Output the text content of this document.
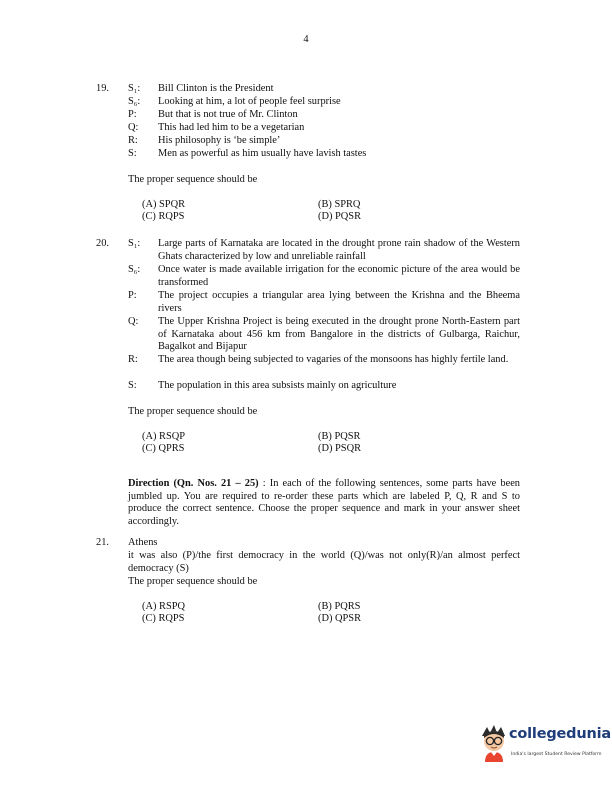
4
19. S₁: Bill Clinton is the President
S₆: Looking at him, a lot of people feel surprise
P: But that is not true of Mr. Clinton
Q: This had led him to be a vegetarian
R: His philosophy is ‘be simple’
S: Men as powerful as him usually have lavish tastes
The proper sequence should be
(A) SPQR	(B) SPRQ
(C) RQPS	(D) PQSR
20. S₁: Large parts of Karnataka are located in the drought prone rain shadow of the Western Ghats characterized by low and unreliable rainfall
S₆: Once water is made available irrigation for the economic picture of the area would be transformed
P: The project occupies a triangular area lying between the Krishna and the Bheema rivers
Q: The Upper Krishna Project is being executed in the drought prone North-Eastern part of Karnataka about 456 km from Bangalore in the districts of Gulbarga, Raichur, Bagalkot and Bijapur
R: The area though being subjected to vagaries of the monsoons has highly fertile land.
S: The population in this area subsists mainly on agriculture
The proper sequence should be
(A) RSQP	(B) PQSR
(C) QPRS	(D) PSQR
Direction (Qn. Nos. 21 – 25) : In each of the following sentences, some parts have been jumbled up. You are required to re-order these parts which are labeled P, Q, R and S to produce the correct sentence. Choose the proper sequence and mark in your answer sheet accordingly.
21. Athens
it was also (P)/the first democracy in the world (Q)/was not only(R)/an almost perfect democracy (S)
The proper sequence should be
(A) RSPQ	(B) PQRS
(C) RQPS	(D) QPSR
collegedunia
India's largest Student Review Platform
